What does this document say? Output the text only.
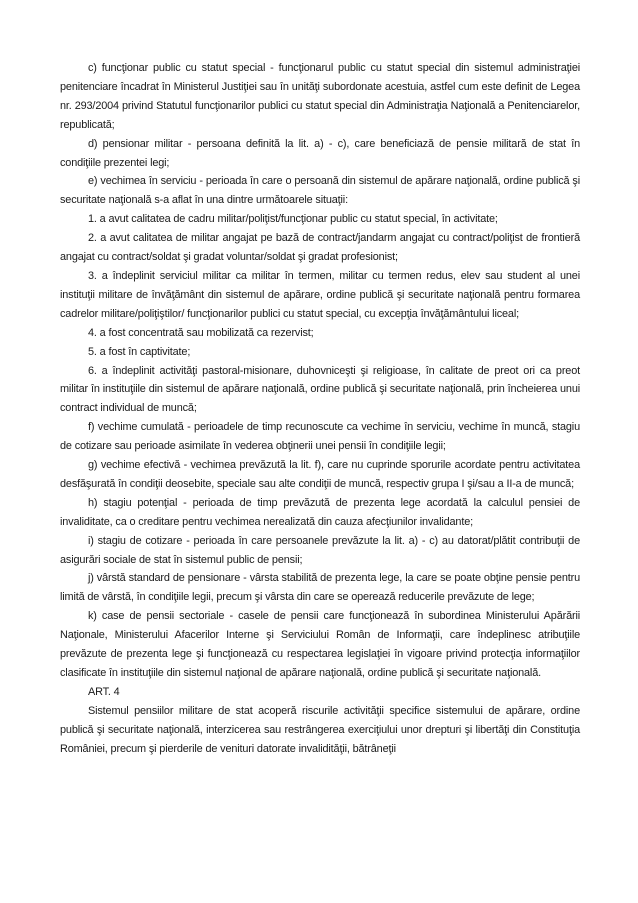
c) funcţionar public cu statut special - funcţionarul public cu statut special din sistemul administraţiei penitenciare încadrat în Ministerul Justiţiei sau în unităţi subordonate acestuia, astfel cum este definit de Legea nr. 293/2004 privind Statutul funcţionarilor publici cu statut special din Administraţia Naţională a Penitenciarelor, republicată;

d) pensionar militar - persoana definită la lit. a) - c), care beneficiază de pensie militară de stat în condiţiile prezentei legi;

e) vechimea în serviciu - perioada în care o persoană din sistemul de apărare naţională, ordine publică şi securitate naţională s-a aflat în una dintre următoarele situaţii:

1. a avut calitatea de cadru militar/poliţist/funcţionar public cu statut special, în activitate;

2. a avut calitatea de militar angajat pe bază de contract/jandarm angajat cu contract/poliţist de frontieră angajat cu contract/soldat şi gradat voluntar/soldat şi gradat profesionist;

3. a îndeplinit serviciul militar ca militar în termen, militar cu termen redus, elev sau student al unei instituţii militare de învăţământ din sistemul de apărare, ordine publică şi securitate naţională pentru formarea cadrelor militare/poliţiştilor/ funcţionarilor publici cu statut special, cu excepţia învăţământului liceal;

4. a fost concentrată sau mobilizată ca rezervist;

5. a fost în captivitate;

6. a îndeplinit activităţi pastoral-misionare, duhovniceşti şi religioase, în calitate de preot ori ca preot militar în instituţiile din sistemul de apărare naţională, ordine publică şi securitate naţională, prin încheierea unui contract individual de muncă;

f) vechime cumulată - perioadele de timp recunoscute ca vechime în serviciu, vechime în muncă, stagiu de cotizare sau perioade asimilate în vederea obţinerii unei pensii în condiţiile legii;

g) vechime efectivă - vechimea prevăzută la lit. f), care nu cuprinde sporurile acordate pentru activitatea desfăşurată în condiţii deosebite, speciale sau alte condiţii de muncă, respectiv grupa I şi/sau a II-a de muncă;

h) stagiu potenţial - perioada de timp prevăzută de prezenta lege acordată la calculul pensiei de invaliditate, ca o creditare pentru vechimea nerealizată din cauza afecţiunilor invalidante;

i) stagiu de cotizare - perioada în care persoanele prevăzute la lit. a) - c) au datorat/plătit contribuţii de asigurări sociale de stat în sistemul public de pensii;

j) vârstă standard de pensionare - vârsta stabilită de prezenta lege, la care se poate obţine pensie pentru limită de vârstă, în condiţiile legii, precum şi vârsta din care se operează reducerile prevăzute de lege;

k) case de pensii sectoriale - casele de pensii care funcţionează în subordinea Ministerului Apărării Naţionale, Ministerului Afacerilor Interne şi Serviciului Român de Informaţii, care îndeplinesc atribuţiile prevăzute de prezenta lege şi funcţionează cu respectarea legislaţiei în vigoare privind protecţia informaţiilor clasificate în instituţiile din sistemul naţional de apărare naţională, ordine publică şi securitate naţională.

ART. 4

Sistemul pensiilor militare de stat acoperă riscurile activităţii specifice sistemului de apărare, ordine publică şi securitate naţională, interzicerea sau restrângerea exerciţiului unor drepturi şi libertăţi din Constituţia României, precum şi pierderile de venituri datorate invalidităţii, bătrâneţii
